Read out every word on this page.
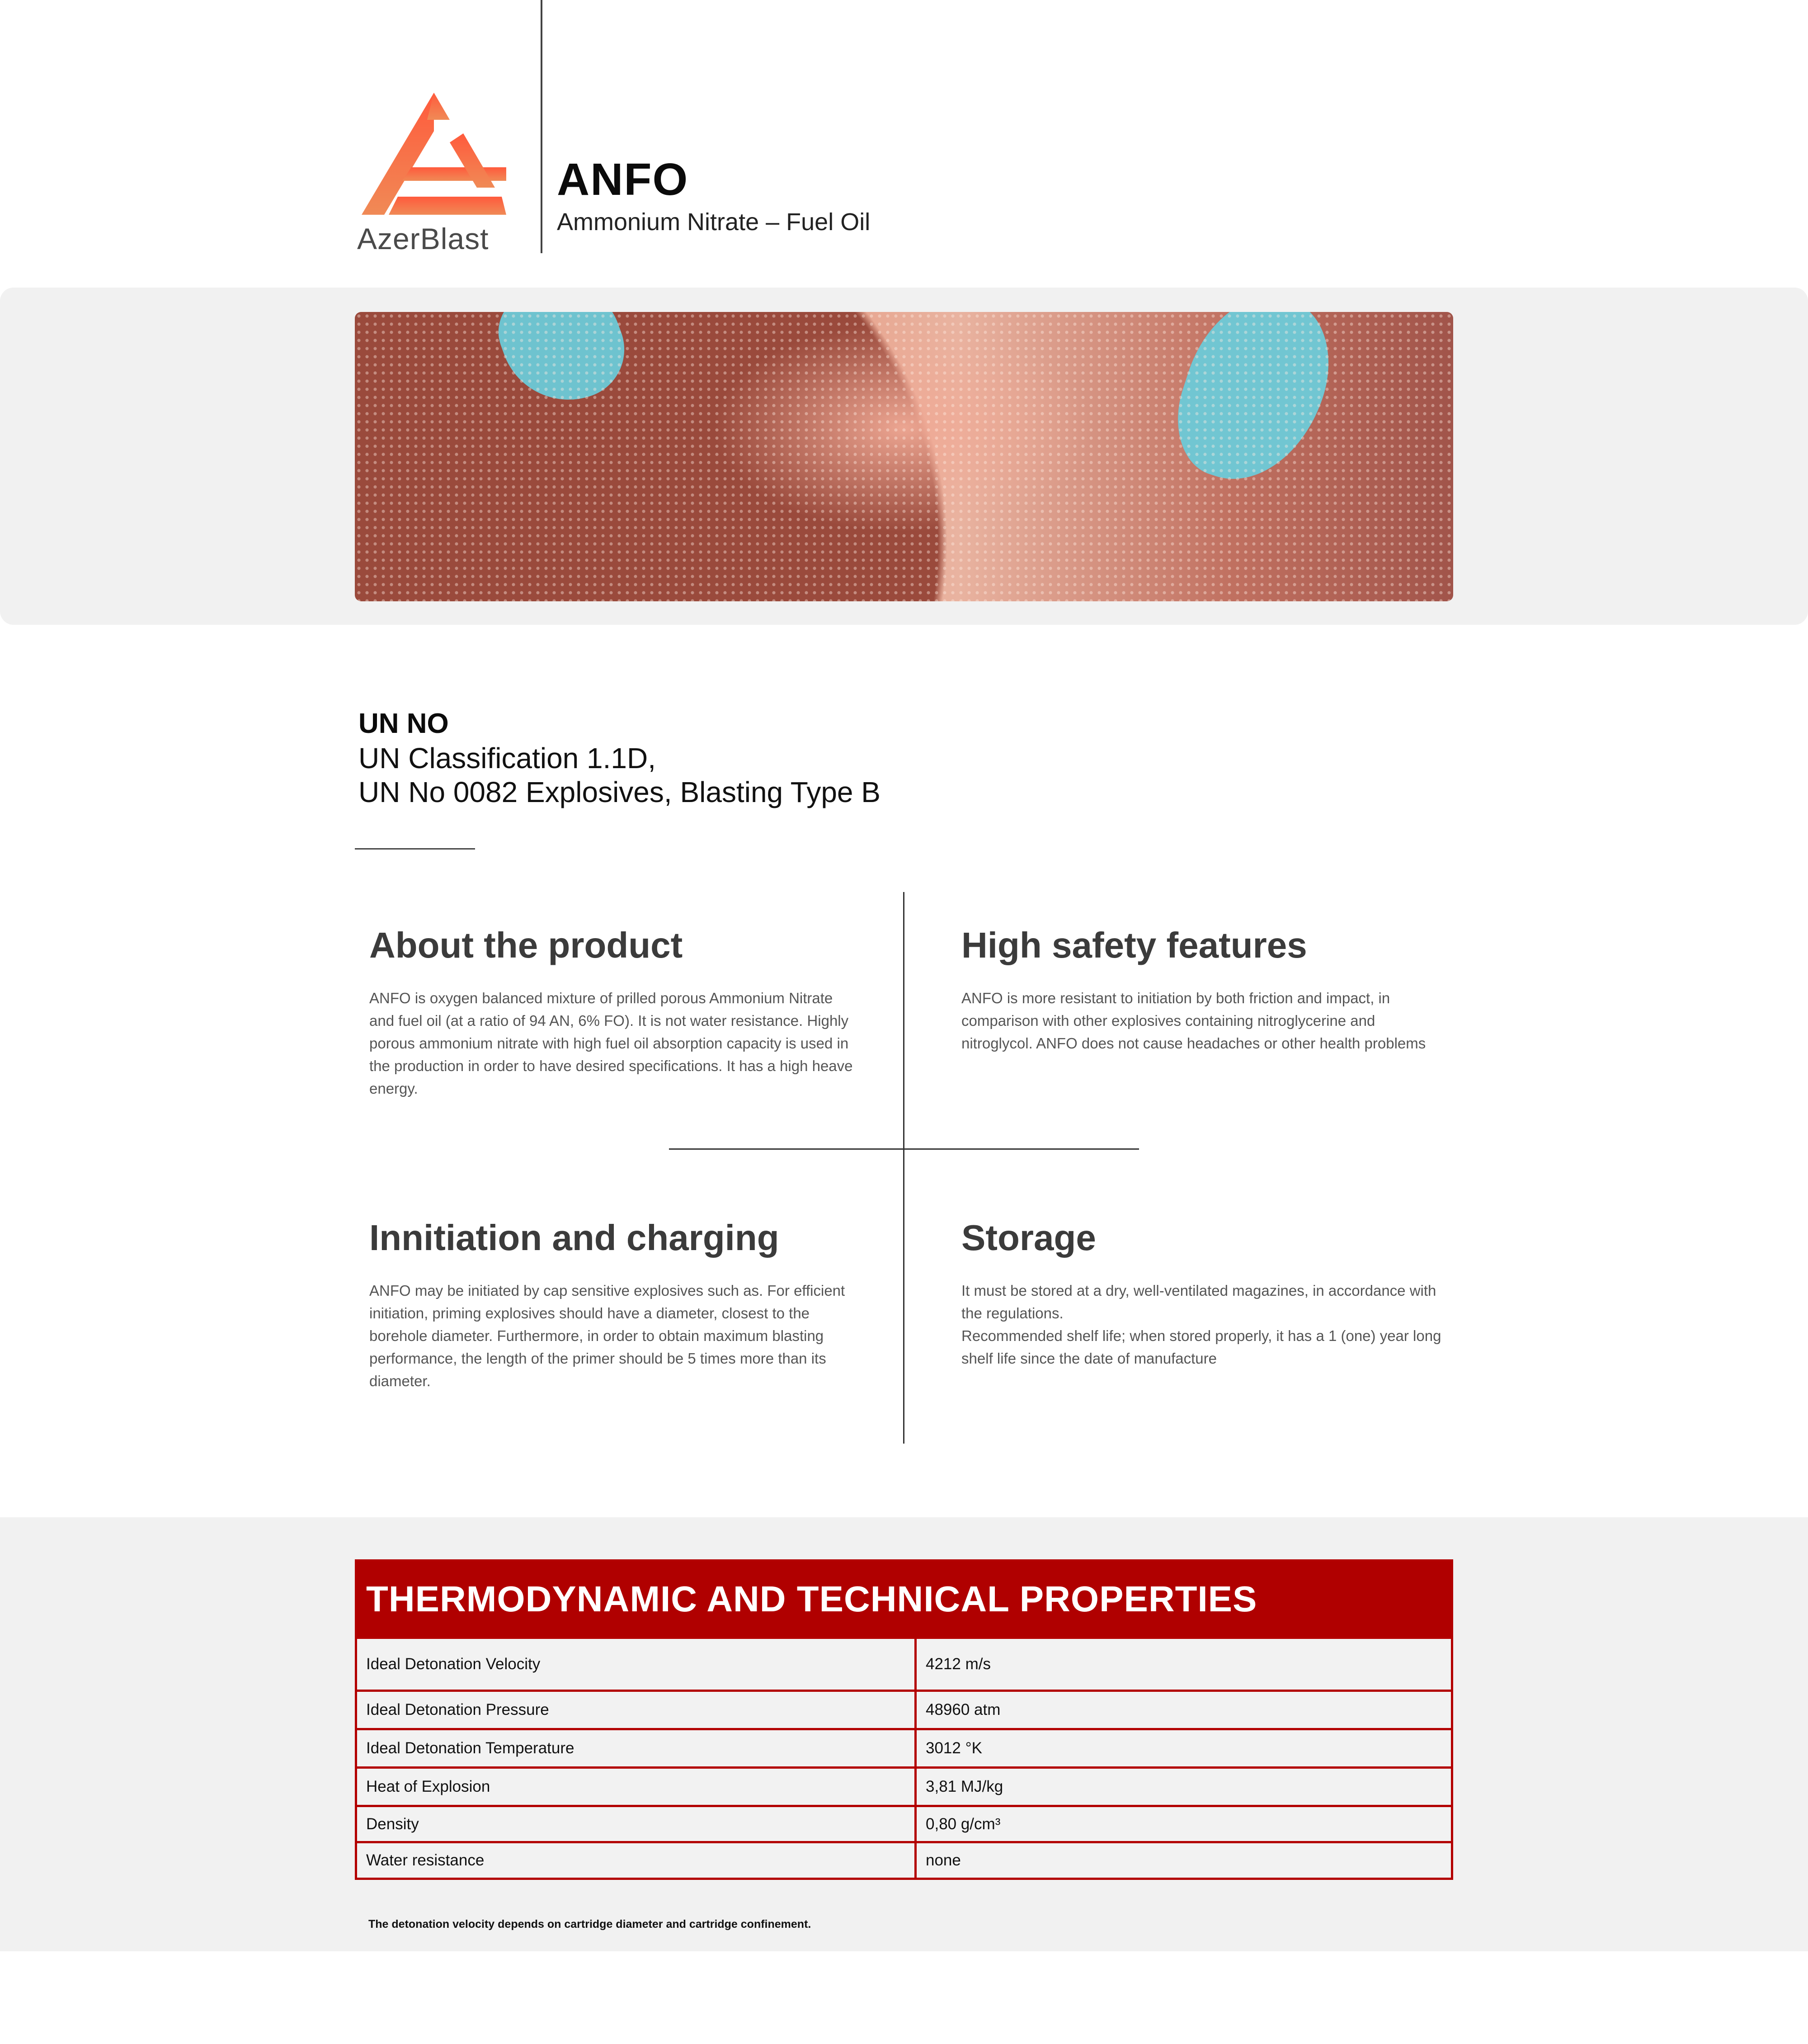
AzerBlast
ANFO
Ammonium Nitrate – Fuel Oil
UN NO
UN Classification 1.1D,
UN No 0082 Explosives, Blasting Type B
About the product

ANFO is oxygen balanced mixture of prilled porous Ammonium Nitrate and fuel oil (at a ratio of 94 AN, 6% FO). It is not water resistance. Highly porous ammonium nitrate with high fuel oil absorption capacity is used in the production in order to have desired specifications. It has a high heave energy.

High safety features

ANFO is more resistant to initiation by both friction and impact, in comparison with other explosives containing nitroglycerine and nitroglycol. ANFO does not cause headaches or other health problems

Innitiation and charging

ANFO may be initiated by cap sensitive explosives such as. For efficient initiation, priming explosives should have a diameter, closest to the borehole diameter. Furthermore, in order to obtain maximum blasting performance, the length of the primer should be 5 times more than its diameter.

Storage

It must be stored at a dry, well-ventilated magazines, in accordance with the regulations.

Recommended shelf life; when stored properly, it has a 1 (one) year long shelf life since the date of manufacture

THERMODYNAMIC AND TECHNICAL PROPERTIES
Ideal Detonation Velocity	4212 m/s
Ideal Detonation Pressure	48960 atm
Ideal Detonation Temperature	3012 °K
Heat of Explosion	3,81 MJ/kg
Density	0,80 g/cm³
Water resistance	none
The detonation velocity depends on cartridge diameter and cartridge confinement.
